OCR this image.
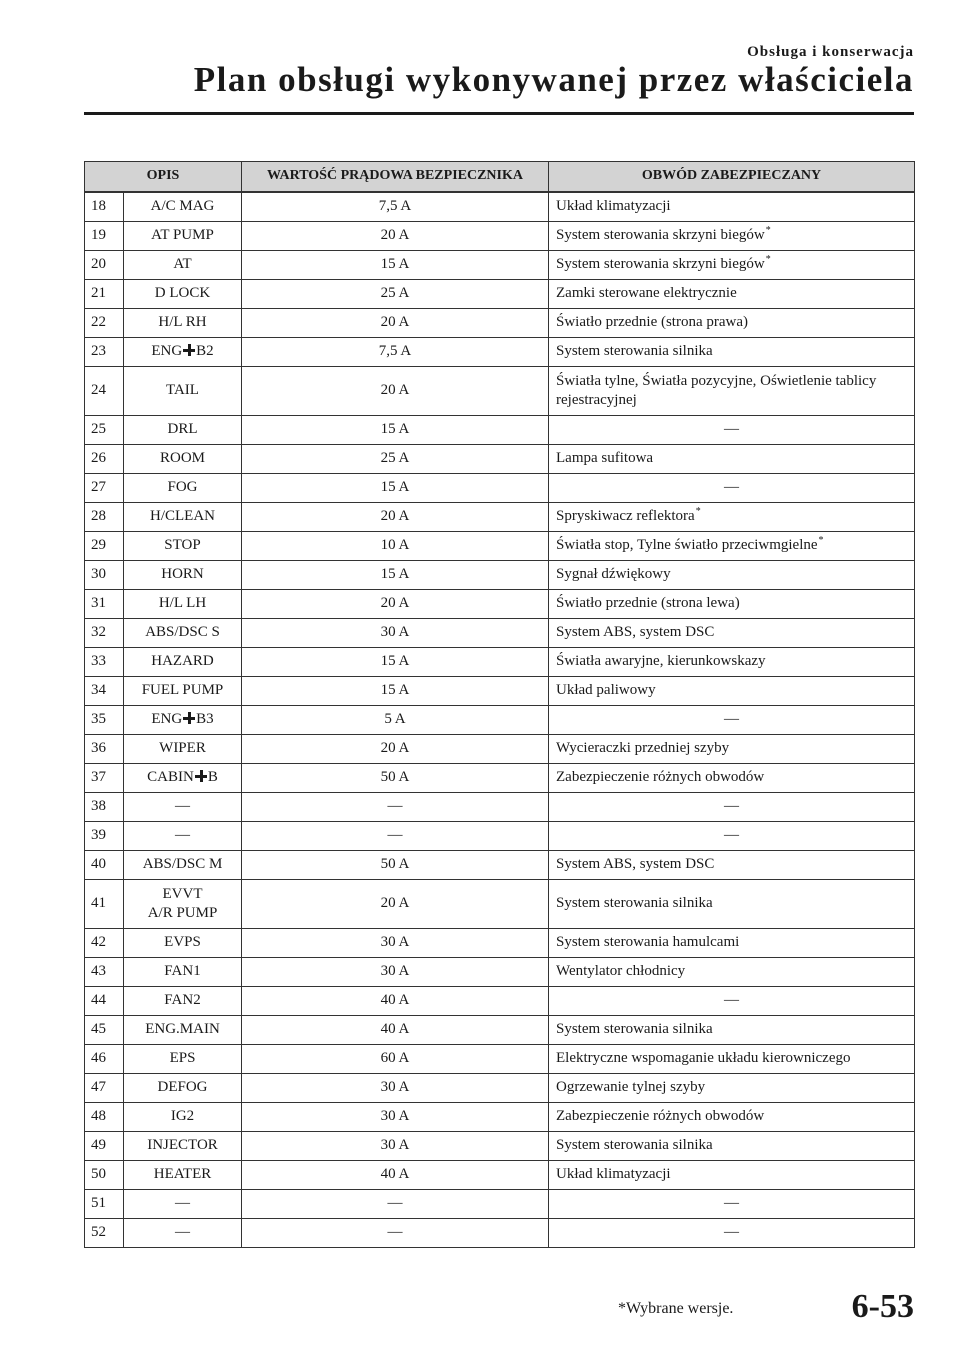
Obsługa i konserwacja
Plan obsługi wykonywanej przez właściciela
OPIS		WARTOŚĆ PRĄDOWA BEZPIECZNIKA	OBWÓD ZABEZPIECZANY
18	A/C MAG	7,5 A	Układ klimatyzacji
19	AT PUMP	20 A	System sterowania skrzyni biegów*
20	AT	15 A	System sterowania skrzyni biegów*
21	D LOCK	25 A	Zamki sterowane elektrycznie
22	H/L RH	20 A	Światło przednie (strona prawa)
23	ENG B2	7,5 A	System sterowania silnika
24	TAIL	20 A	Światła tylne, Światła pozycyjne, Oświetlenie tablicy
rejestracyjnej
25	DRL	15 A	—
26	ROOM	25 A	Lampa sufitowa
27	FOG	15 A	—
28	H/CLEAN	20 A	Spryskiwacz reflektora*
29	STOP	10 A	Światła stop, Tylne światło przeciwmgielne*
30	HORN	15 A	Sygnał dźwiękowy
31	H/L LH	20 A	Światło przednie (strona lewa)
32	ABS/DSC S	30 A	System ABS, system DSC
33	HAZARD	15 A	Światła awaryjne, kierunkowskazy
34	FUEL PUMP	15 A	Układ paliwowy
35	ENG B3	5 A	—
36	WIPER	20 A	Wycieraczki przedniej szyby
37	CABIN B	50 A	Zabezpieczenie różnych obwodów
38	—	—	—
39	—	—	—
40	ABS/DSC M	50 A	System ABS, system DSC
41	EVVT
A/R PUMP	20 A	System sterowania silnika
42	EVPS	30 A	System sterowania hamulcami
43	FAN1	30 A	Wentylator chłodnicy
44	FAN2	40 A	—
45	ENG.MAIN	40 A	System sterowania silnika
46	EPS	60 A	Elektryczne wspomaganie układu kierowniczego
47	DEFOG	30 A	Ogrzewanie tylnej szyby
48	IG2	30 A	Zabezpieczenie różnych obwodów
49	INJECTOR	30 A	System sterowania silnika
50	HEATER	40 A	Układ klimatyzacji
51	—	—	—
52	—	—	—
*Wybrane wersje.	6-53
